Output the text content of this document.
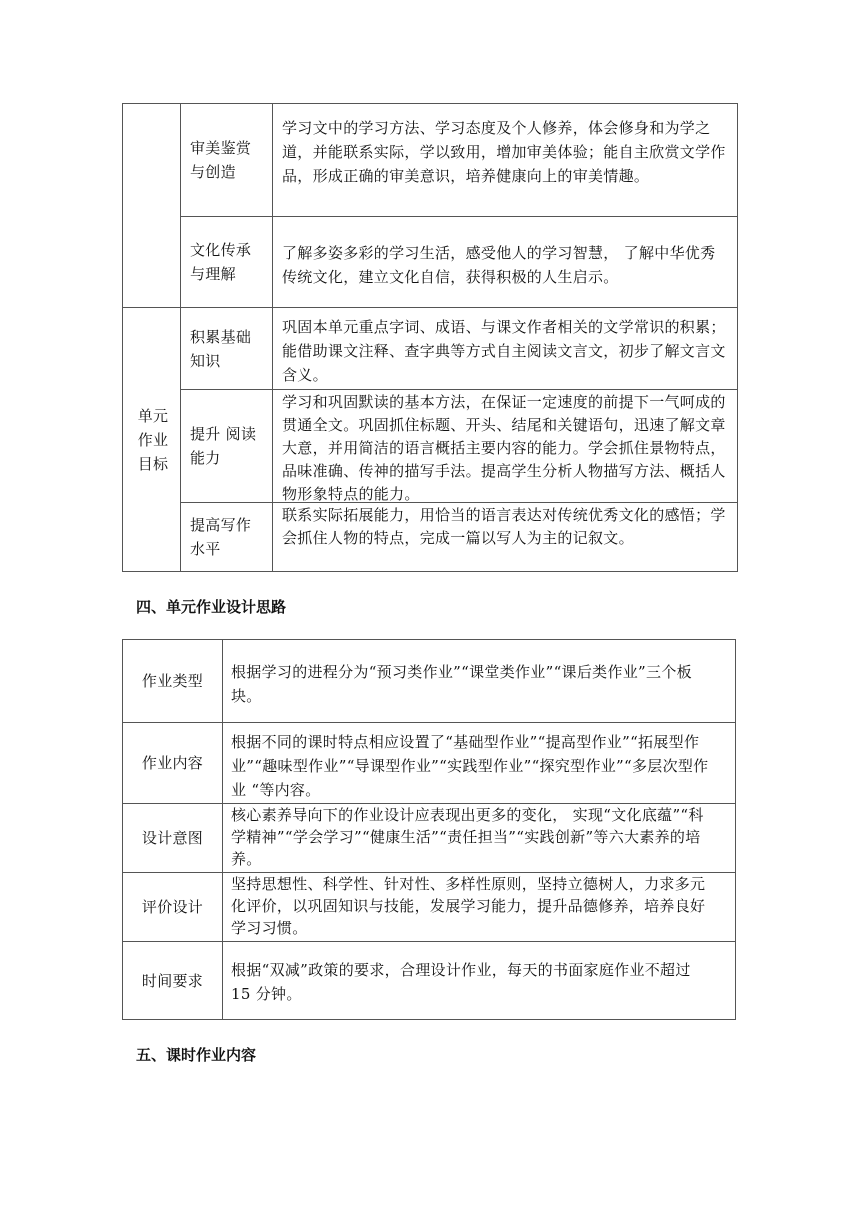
单元作业目标
审美鉴赏与创造
学习文中的学习方法、学习态度及个人修养，体会修身和为学之道，并能联系实际，学以致用，增加审美体验；能自主欣赏文学作品，形成正确的审美意识，培养健康向上的审美情趣。
文化传承与理解
了解多姿多彩的学习生活，感受他人的学习智慧， 了解中华优秀传统文化，建立文化自信，获得积极的人生启示。
积累基础知识
巩固本单元重点字词、成语、与课文作者相关的文学常识的积累； 能借助课文注释、查字典等方式自主阅读文言文，初步了解文言文含义。
提升 阅读能力
学习和巩固默读的基本方法，在保证一定速度的前提下一气呵成的贯通全文。巩固抓住标题、开头、结尾和关键语句，迅速了解文章大意，并用简洁的语言概括主要内容的能力。学会抓住景物特点，品味准确、传神的描写手法。提高学生分析人物描写方法、概括人物形象特点的能力。
提高写作水平
联系实际拓展能力，用恰当的语言表达对传统优秀文化的感悟；学会抓住人物的特点，完成一篇以写人为主的记叙文。
四、单元作业设计思路
作业类型 根据学习的进程分为“预习类作业”“课堂类作业”“课后类作业”三个板块。
作业内容
根据不同的课时特点相应设置了“基础型作业”“提高型作业”“拓展型作业”“趣味型作业”“导课型作业”“实践型作业”“探究型作业”“多层次型作业 “等内容。
设计意图
核心素养导向下的作业设计应表现出更多的变化， 实现“文化底蕴”“科学精神”“学会学习”“健康生活”“责任担当”“实践创新”等六大素养的培养。
评价设计
坚持思想性、科学性、针对性、多样性原则，坚持立德树人，力求多元化评价，以巩固知识与技能，发展学习能力，提升品德修养，培养良好学习习惯。
时间要求
根据“双减”政策的要求，合理设计作业，每天的书面家庭作业不超过 15 分钟。
五、课时作业内容
